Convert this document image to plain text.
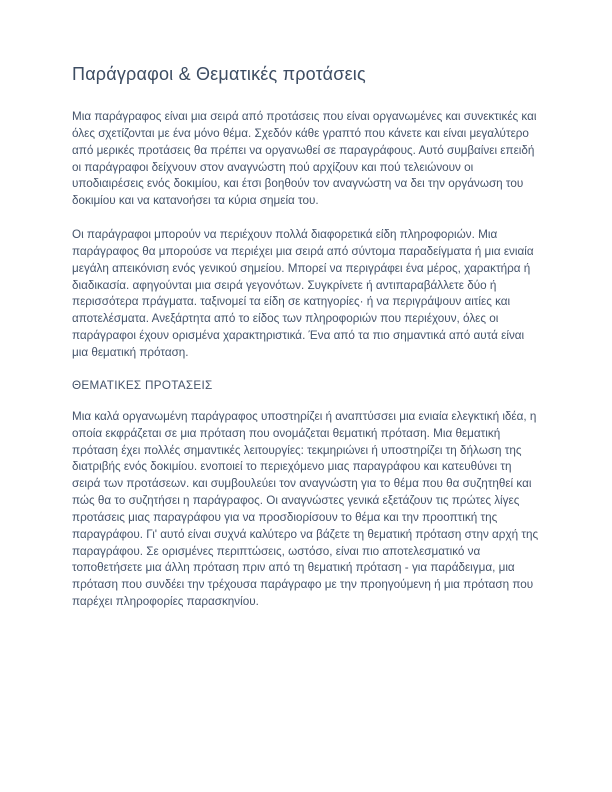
Παράγραφοι & Θεματικές προτάσεις

Μια παράγραφος είναι μια σειρά από προτάσεις που είναι οργανωμένες και συνεκτικές και όλες σχετίζονται με ένα μόνο θέμα. Σχεδόν κάθε γραπτό που κάνετε και είναι μεγαλύτερο από μερικές προτάσεις θα πρέπει να οργανωθεί σε παραγράφους. Αυτό συμβαίνει επειδή οι παράγραφοι δείχνουν στον αναγνώστη πού αρχίζουν και πού τελειώνουν οι υποδιαιρέσεις ενός δοκιμίου, και έτσι βοηθούν τον αναγνώστη να δει την οργάνωση του δοκιμίου και να κατανοήσει τα κύρια σημεία του.

Οι παράγραφοι μπορούν να περιέχουν πολλά διαφορετικά είδη πληροφοριών. Μια παράγραφος θα μπορούσε να περιέχει μια σειρά από σύντομα παραδείγματα ή μια ενιαία μεγάλη απεικόνιση ενός γενικού σημείου. Μπορεί να περιγράφει ένα μέρος, χαρακτήρα ή διαδικασία. αφηγούνται μια σειρά γεγονότων. Συγκρίνετε ή αντιπαραβάλλετε δύο ή περισσότερα πράγματα. ταξινομεί τα είδη σε κατηγορίες· ή να περιγράψουν αιτίες και αποτελέσματα. Ανεξάρτητα από το είδος των πληροφοριών που περιέχουν, όλες οι παράγραφοι έχουν ορισμένα χαρακτηριστικά. Ένα από τα πιο σημαντικά από αυτά είναι μια θεματική πρόταση.

ΘΕΜΑΤΙΚΕΣ ΠΡΟΤΑΣΕΙΣ

Μια καλά οργανωμένη παράγραφος υποστηρίζει ή αναπτύσσει μια ενιαία ελεγκτική ιδέα, η οποία εκφράζεται σε μια πρόταση που ονομάζεται θεματική πρόταση. Μια θεματική πρόταση έχει πολλές σημαντικές λειτουργίες: τεκμηριώνει ή υποστηρίζει τη δήλωση της διατριβής ενός δοκιμίου. ενοποιεί το περιεχόμενο μιας παραγράφου και κατευθύνει τη σειρά των προτάσεων. και συμβουλεύει τον αναγνώστη για το θέμα που θα συζητηθεί και πώς θα το συζητήσει η παράγραφος. Οι αναγνώστες γενικά εξετάζουν τις πρώτες λίγες προτάσεις μιας παραγράφου για να προσδιορίσουν το θέμα και την προοπτική της παραγράφου. Γι' αυτό είναι συχνά καλύτερο να βάζετε τη θεματική πρόταση στην αρχή της παραγράφου. Σε ορισμένες περιπτώσεις, ωστόσο, είναι πιο αποτελεσματικό να τοποθετήσετε μια άλλη πρόταση πριν από τη θεματική πρόταση - για παράδειγμα, μια πρόταση που συνδέει την τρέχουσα παράγραφο με την προηγούμενη ή μια πρόταση που παρέχει πληροφορίες παρασκηνίου.
